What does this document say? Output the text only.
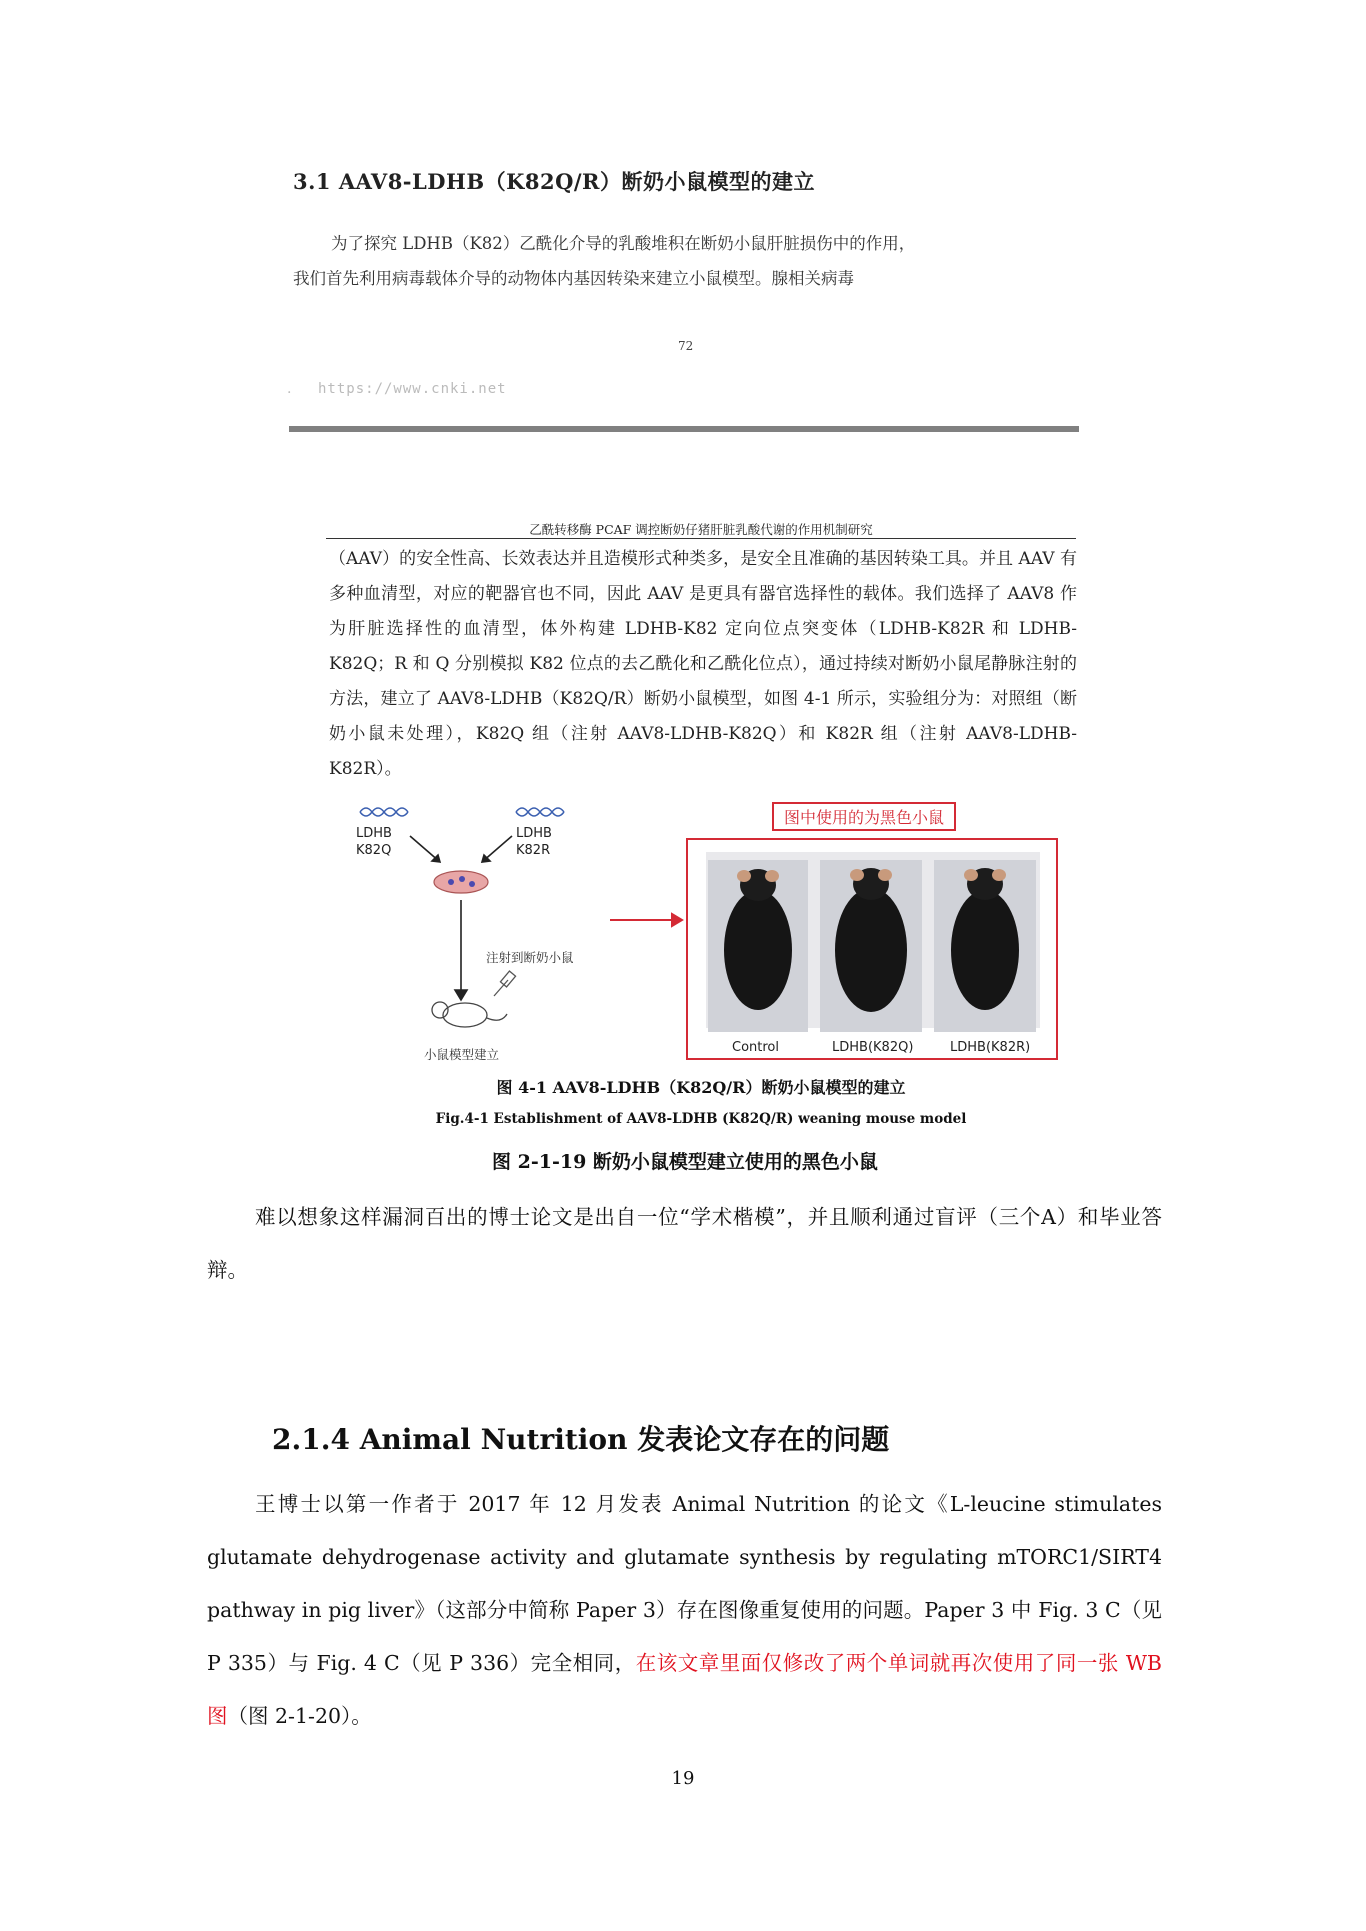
3.1 AAV8-LDHB（K82Q/R）断奶小鼠模型的建立
为了探究 LDHB（K82）乙酰化介导的乳酸堆积在断奶小鼠肝脏损伤中的作用，
我们首先利用病毒载体介导的动物体内基因转染来建立小鼠模型。腺相关病毒
72
. https://www.cnki.net
乙酰转移酶 PCAF 调控断奶仔猪肝脏乳酸代谢的作用机制研究
（AAV）的安全性高、长效表达并且造模形式种类多，是安全且准确的基因转染工具。并且 AAV 有多种血清型，对应的靶器官也不同，因此 AAV 是更具有器官选择性的载体。我们选择了 AAV8 作为肝脏选择性的血清型，体外构建 LDHB-K82 定向位点突变体（LDHB-K82R 和 LDHB-K82Q；R 和 Q 分别模拟 K82 位点的去乙酰化和乙酰化位点），通过持续对断奶小鼠尾静脉注射的方法，建立了 AAV8-LDHB（K82Q/R）断奶小鼠模型，如图 4-1 所示，实验组分为：对照组（断奶小鼠未处理），K82Q 组（注射 AAV8-LDHB-K82Q）和 K82R 组（注射 AAV8-LDHB-K82R）。
LDHB
K82Q
LDHB
K82R
注射到断奶小鼠
小鼠模型建立
图中使用的为黑色小鼠
Control	LDHB(K82Q)	LDHB(K82R)
图 4-1 AAV8-LDHB（K82Q/R）断奶小鼠模型的建立
Fig.4-1 Establishment of AAV8-LDHB (K82Q/R) weaning mouse model
图 2-1-19 断奶小鼠模型建立使用的黑色小鼠
难以想象这样漏洞百出的博士论文是出自一位“学术楷模”，并且顺利通过盲评（三个A）和毕业答辩。
2.1.4 Animal Nutrition 发表论文存在的问题
王博士以第一作者于 2017 年 12 月发表 Animal Nutrition 的论文《L-leucine stimulates glutamate dehydrogenase activity and glutamate synthesis by regulating mTORC1/SIRT4 pathway in pig liver》（这部分中简称 Paper 3）存在图像重复使用的问题。Paper 3 中 Fig. 3 C（见 P 335）与 Fig. 4 C（见 P 336）完全相同，在该文章里面仅修改了两个单词就再次使用了同一张 WB 图（图 2-1-20）。
19
